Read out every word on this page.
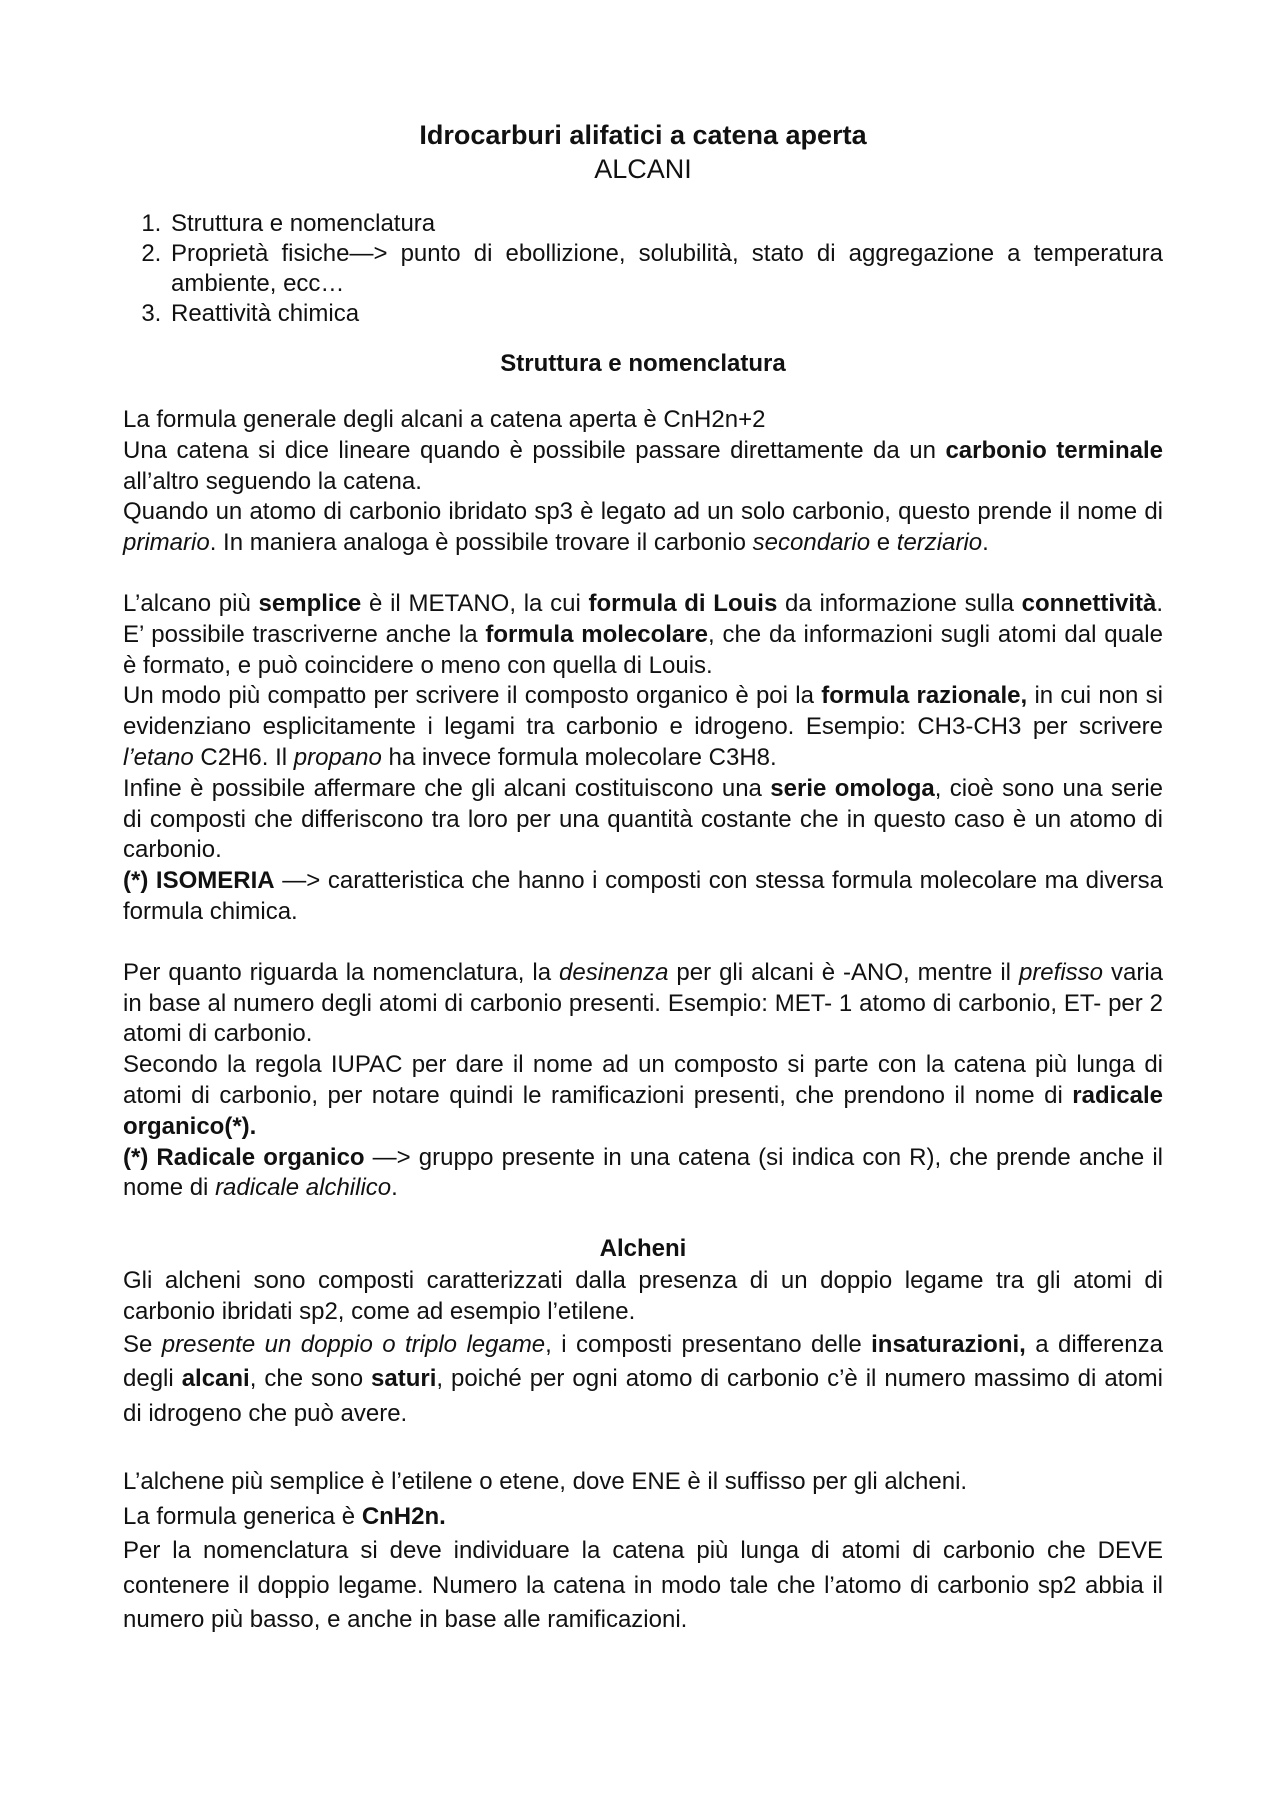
Idrocarburi alifatici a catena aperta
ALCANI
1. Struttura e nomenclatura
2. Proprietà fisiche—> punto di ebollizione, solubilità, stato di aggregazione a temperatura ambiente, ecc…
3. Reattività chimica
Struttura e nomenclatura

La formula generale degli alcani a catena aperta è CnH2n+2

Una catena si dice lineare quando è possibile passare direttamente da un carbonio terminale all’altro seguendo la catena.

Quando un atomo di carbonio ibridato sp3 è legato ad un solo carbonio, questo prende il nome di primario. In maniera analoga è possibile trovare il carbonio secondario e terziario.

L’alcano più semplice è il METANO, la cui formula di Louis da informazione sulla connettività. E’ possibile trascriverne anche la formula molecolare, che da informazioni sugli atomi dal quale è formato, e può coincidere o meno con quella di Louis.

Un modo più compatto per scrivere il composto organico è poi la formula razionale, in cui non si evidenziano esplicitamente i legami tra carbonio e idrogeno. Esempio: CH3-CH3 per scrivere l’etano C2H6. Il propano ha invece formula molecolare C3H8.

Infine è possibile affermare che gli alcani costituiscono una serie omologa, cioè sono una serie di composti che differiscono tra loro per una quantità costante che in questo caso è un atomo di carbonio.

(*) ISOMERIA —> caratteristica che hanno i composti con stessa formula molecolare ma diversa formula chimica.

Per quanto riguarda la nomenclatura, la desinenza per gli alcani è -ANO, mentre il prefisso varia in base al numero degli atomi di carbonio presenti. Esempio: MET- 1 atomo di carbonio, ET- per 2 atomi di carbonio.

Secondo la regola IUPAC per dare il nome ad un composto si parte con la catena più lunga di atomi di carbonio, per notare quindi le ramificazioni presenti, che prendono il nome di radicale organico(*).

(*) Radicale organico —> gruppo presente in una catena (si indica con R), che prende anche il nome di radicale alchilico.

Alcheni

Gli alcheni sono composti caratterizzati dalla presenza di un doppio legame tra gli atomi di carbonio ibridati sp2, come ad esempio l’etilene.

Se presente un doppio o triplo legame, i composti presentano delle insaturazioni, a differenza degli alcani, che sono saturi, poiché per ogni atomo di carbonio c’è il numero massimo di atomi di idrogeno che può avere.

L’alchene più semplice è l’etilene o etene, dove ENE è il suffisso per gli alcheni.

La formula generica è CnH2n.

Per la nomenclatura si deve individuare la catena più lunga di atomi di carbonio che DEVE contenere il doppio legame. Numero la catena in modo tale che l’atomo di carbonio sp2 abbia il numero più basso, e anche in base alle ramificazioni.
